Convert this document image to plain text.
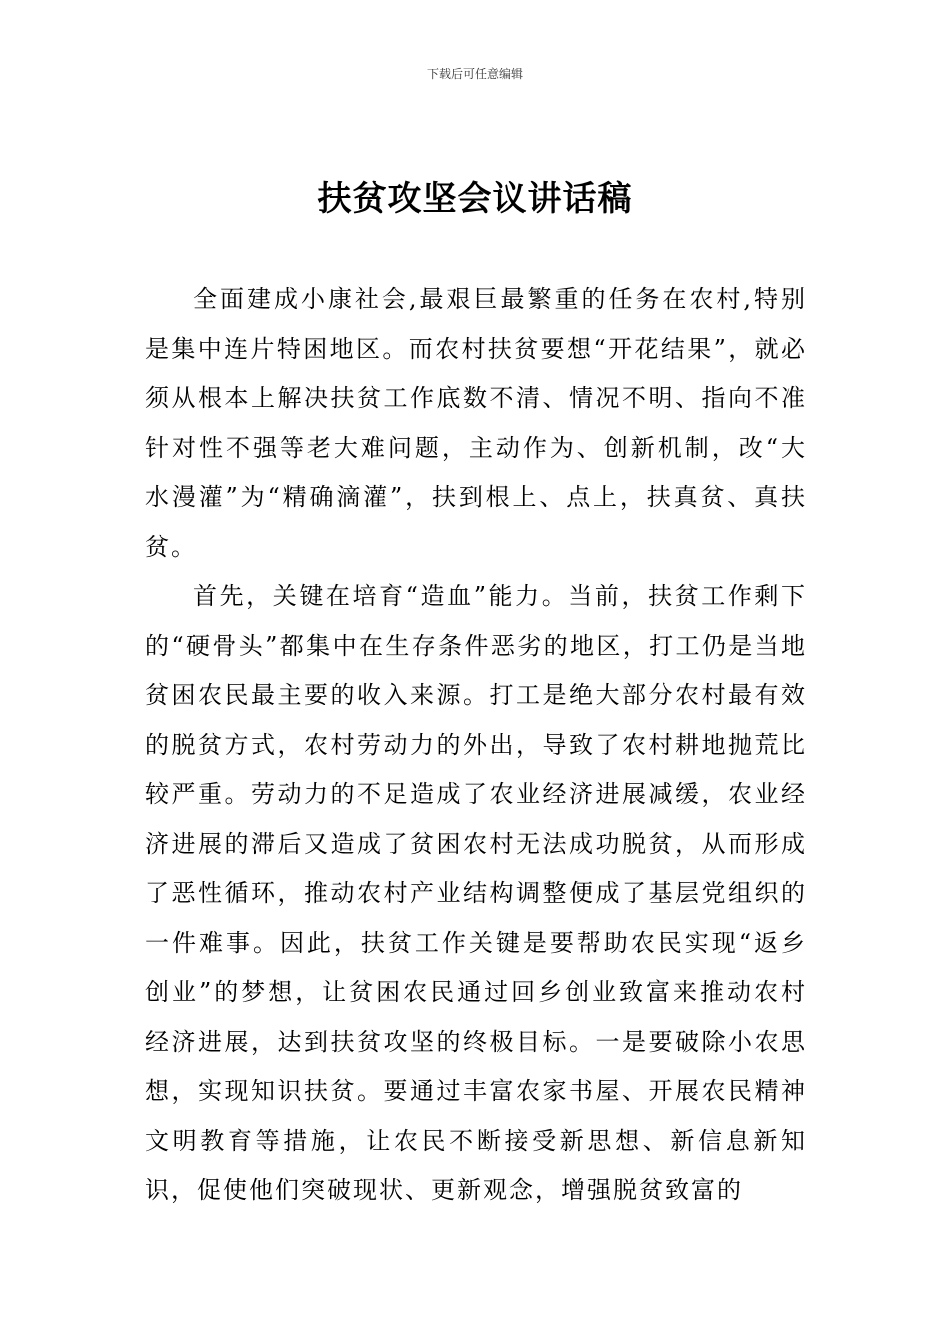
下载后可任意编辑
扶贫攻坚会议讲话稿

全面建成小康社会,最艰巨最繁重的任务在农村,特别是集中连片特困地区。而农村扶贫要想“开花结果”，就必须从根本上解决扶贫工作底数不清、情况不明、指向不准针对性不强等老大难问题，主动作为、创新机制，改“大水漫灌”为“精确滴灌”，扶到根上、点上，扶真贫、真扶贫。

首先，关键在培育“造血”能力。当前，扶贫工作剩下的“硬骨头”都集中在生存条件恶劣的地区，打工仍是当地贫困农民最主要的收入来源。打工是绝大部分农村最有效的脱贫方式，农村劳动力的外出，导致了农村耕地抛荒比较严重。劳动力的不足造成了农业经济进展减缓，农业经济进展的滞后又造成了贫困农村无法成功脱贫，从而形成了恶性循环，推动农村产业结构调整便成了基层党组织的一件难事。因此，扶贫工作关键是要帮助农民实现“返乡创业”的梦想，让贫困农民通过回乡创业致富来推动农村经济进展，达到扶贫攻坚的终极目标。一是要破除小农思想，实现知识扶贫。要通过丰富农家书屋、开展农民精神文明教育等措施，让农民不断接受新思想、新信息新知识，促使他们突破现状、更新观念，增强脱贫致富的
